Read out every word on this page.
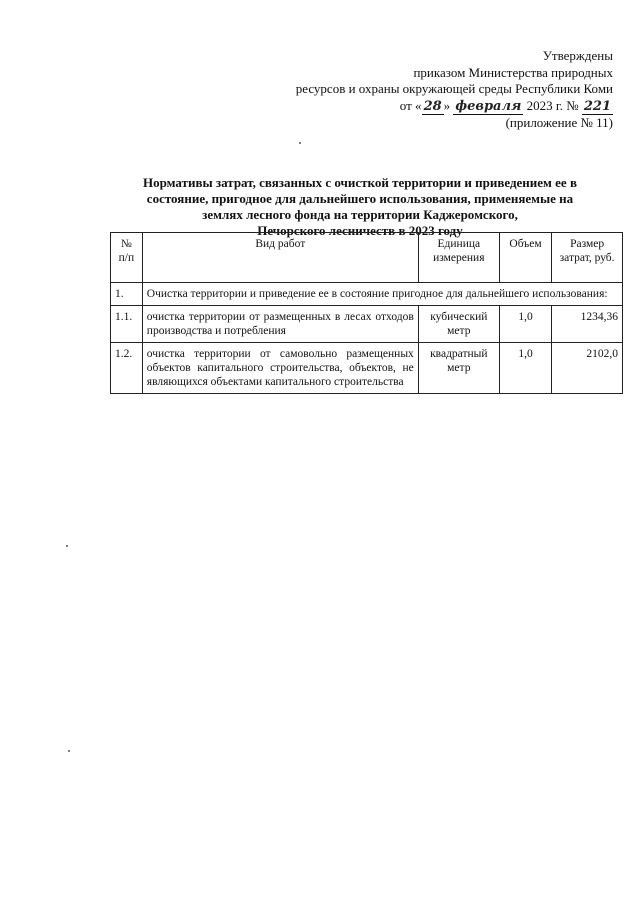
Утверждены
приказом Министерства природных
ресурсов и охраны окружающей среды Республики Коми
от « 28 » февраля 2023 г. № 221
(приложение № 11)
Нормативы затрат, связанных с очисткой территории и приведением ее в
состояние, пригодное для дальнейшего использования, применяемые на
землях лесного фонда на территории Каджеромского,
Печорского лесничеств в 2023 году
№ п/п	Вид работ	Единица измерения	Объем	Размер затрат, руб.
1.	Очистка территории и приведение ее в состояние пригодное для дальнейшего использования:			
1.1.	очистка территории от размещенных в лесах отходов производства и потребления	кубический метр	1,0	1234,36
1.2.	очистка территории от самовольно размещенных объектов капитального строительства, объектов, не являющихся объектами капитального строительства	квадратный метр	1,0	2102,0
